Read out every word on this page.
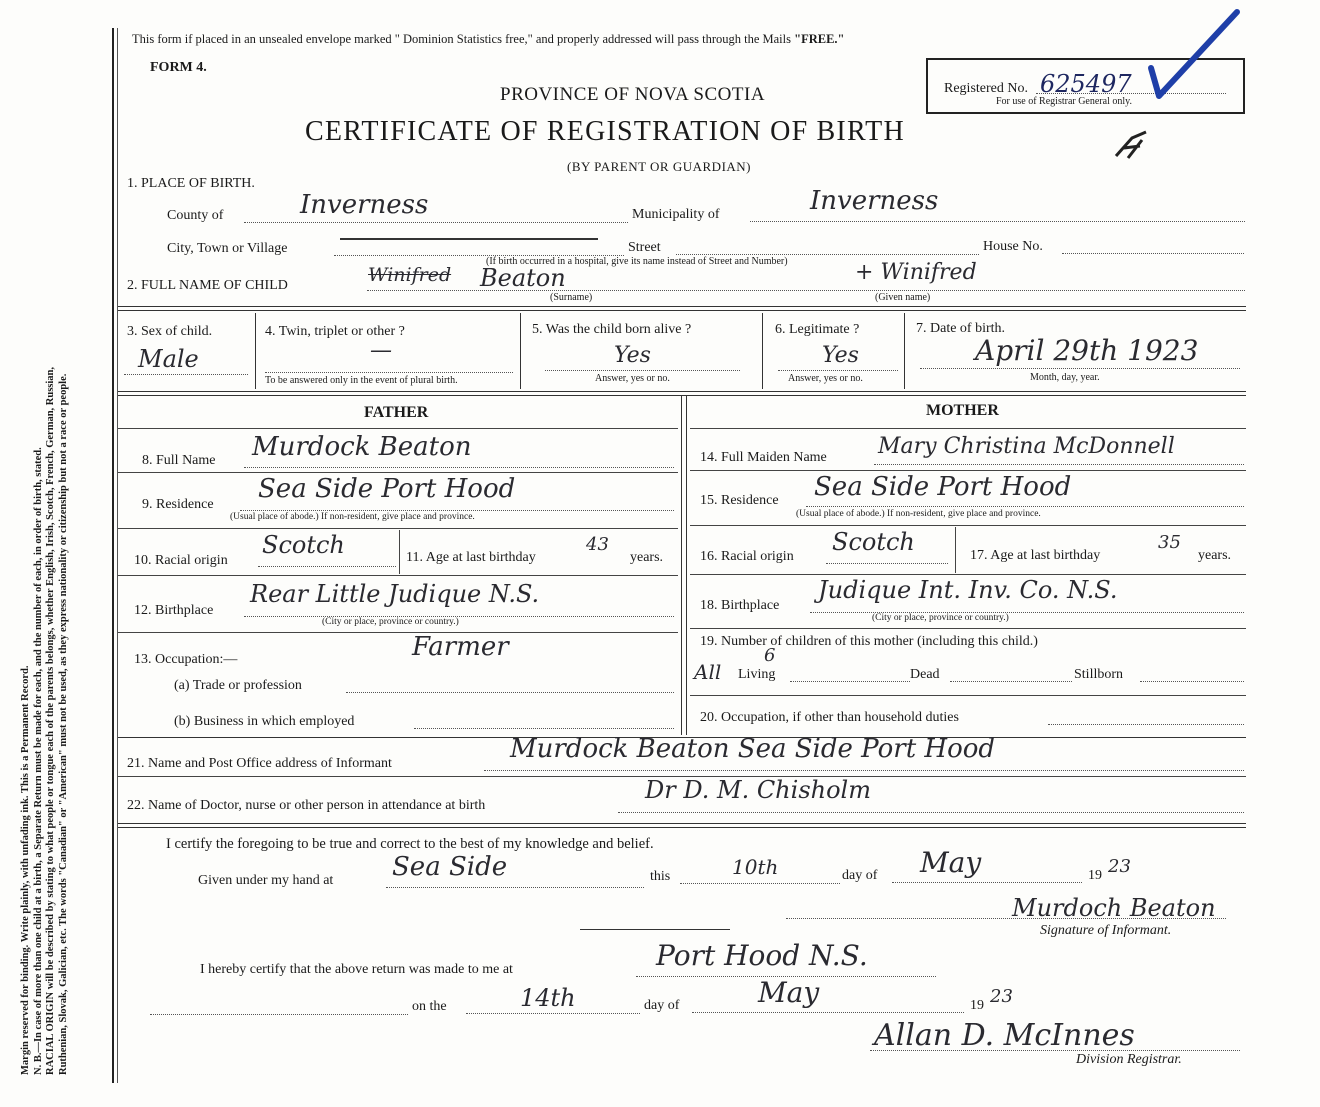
Margin reserved for binding. Write plainly, with unfading ink. This is a Permanent Record. N. B.—In case of more than one child at a birth, a Separate Return must be made for each, and the number of each, in order of birth, stated. RACIAL ORIGIN will be described by stating to what people or tongue each of the parents belongs, whether English, Irish, Scotch, French, German, Russian, Ruthenian, Slovak, Galician, etc. The words "Canadian" or "American" must not be used, as they express nationality or citizenship but not a race or people.
This form if placed in an unsealed envelope marked " Dominion Statistics free," and properly addressed will pass through the Mails "FREE."
FORM 4.
PROVINCE OF NOVA SCOTIA
CERTIFICATE OF REGISTRATION OF BIRTH
(BY PARENT OR GUARDIAN)
Registered No. 625497
For use of Registrar General only.
1. PLACE OF BIRTH.
County of	Inverness	Municipality of	Inverness
City, Town or Village	Street	House No.
(If birth occurred in a hospital, give its name instead of Street and Number)
2. FULL NAME OF CHILD	Winifred Beaton	+ Winifred
(Surname)	(Given name)
3. Sex of child.
Male
4. Twin, triplet or other ?
—
To be answered only in the event of plural birth.
5. Was the child born alive ?
Yes
Answer, yes or no.
6. Legitimate ?
Yes
Answer, yes or no.
7. Date of birth.
April 29th 1923
Month, day, year.
FATHER	MOTHER
8. Full Name Murdock Beaton
9. Residence
Sea Side Port Hood
(Usual place of abode.) If non-resident, give place and province.
10. Racial origin
Scotch	11. Age at last birthday
43
years.
12. Birthplace
Rear Little Judique N.S.
(City or place, province or country.)
13. Occupation:—	Farmer
(a) Trade or profession
(b) Business in which employed
14. Full Maiden Name Mary Christina McDonnell
15. Residence Sea Side Port Hood
(Usual place of abode.) If non-resident, give place and province.
16. Racial origin
Scotch	17. Age at last birthday
35
years.
18. Birthplace
Judique Int. Inv. Co. N.S.
(City or place, province or country.)
19. Number of children of this mother (including this child.)
All Living
6
Dead	Stillborn
20. Occupation, if other than household duties
21. Name and Post Office address of Informant	Murdock Beaton Sea Side Port Hood
22. Name of Doctor, nurse or other person in attendance at birth
Dr D. M. Chisholm
I certify the foregoing to be true and correct to the best of my knowledge and belief.
Given under my hand at Sea Side	this	10th	day of May	19 23
Murdoch Beaton
Signature of Informant.
I hereby certify that the above return was made to me at	Port Hood N.S.
on the	14th	day of	May	19 23
Allan D. McInnes
Division Registrar.
